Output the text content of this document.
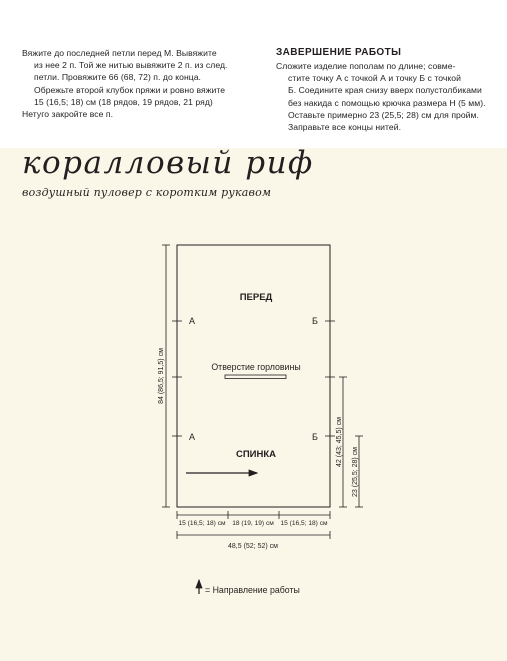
Вяжите до последней петли перед М. Вывяжите

из нее 2 п. Той же нитью вывяжите 2 п. из след.

петли. Провяжите 66 (68, 72) п. до конца.

Обрежьте второй клубок пряжи и ровно вяжите

15 (16,5; 18) см (18 рядов, 19 рядов, 21 ряд)

Нетуго закройте все п.

ЗАВЕРШЕНИЕ РАБОТЫ

Сложите изделие пополам по длине; совме-

стите точку А с точкой А и точку Б с точкой

Б. Соедините края снизу вверх полустолбиками

без накида с помощью крючка размера H (5 мм).

Оставьте примерно 23 (25,5; 28) см для пройм.

Заправьте все концы нитей.

коралловый риф
воздушный пуловер с коротким рукавом
ПЕРЕД
СПИНКА
Отверстие горловины
А
А
Б
Б
84 (86,5; 91,5) см
42 (43; 45,5) см
23 (25,5; 28) см
15 (16,5; 18) см 18 (19, 19) см 15 (16,5; 18) см
48,5 (52; 52) см
= Направление работы
